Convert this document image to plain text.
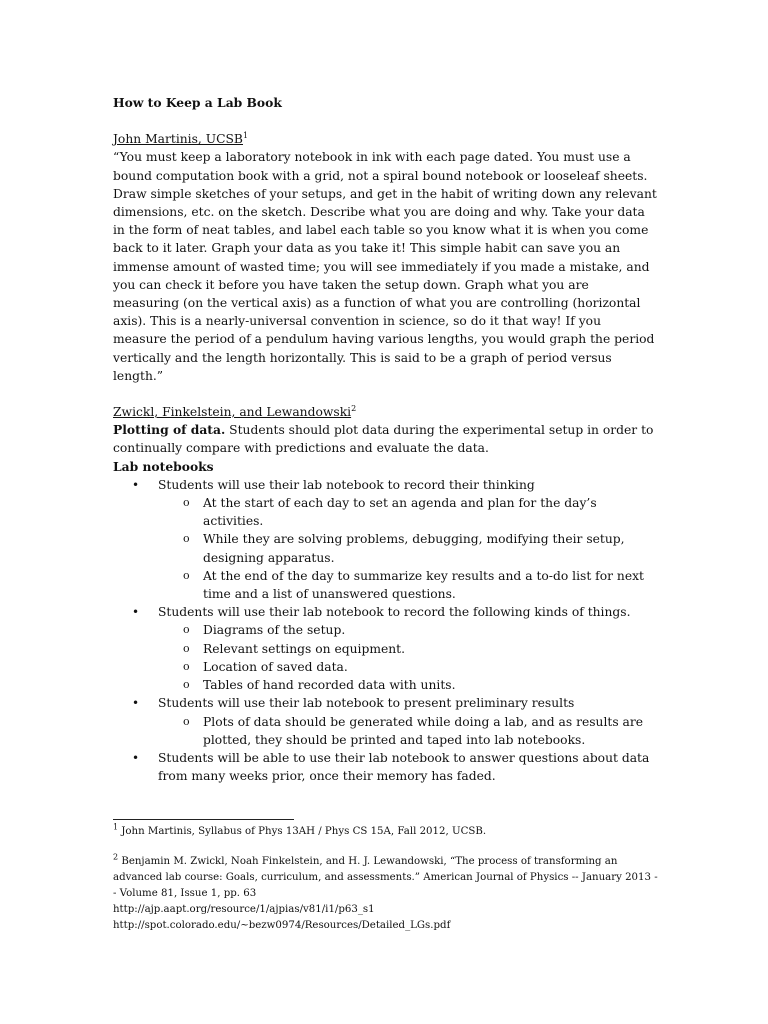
How to Keep a Lab Book
John Martinis, UCSB$^1$

“You must keep a laboratory notebook in ink with each page dated. You must use a bound computation book with a grid, not a spiral bound notebook or looseleaf sheets. Draw simple sketches of your setups, and get in the habit of writing down any relevant dimensions, etc. on the sketch. Describe what you are doing and why. Take your data in the form of neat tables, and label each table so you know what it is when you come back to it later. Graph your data as you take it! This simple habit can save you an immense amount of wasted time; you will see immediately if you made a mistake, and you can check it before you have taken the setup down. Graph what you are measuring (on the vertical axis) as a function of what you are controlling (horizontal axis). This is a nearly-universal convention in science, so do it that way! If you measure the period of a pendulum having various lengths, you would graph the period vertically and the length horizontally. This is said to be a graph of period versus length.”

Zwickl, Finkelstein, and Lewandowski$^2$

Plotting of data. Students should plot data during the experimental setup in order to continually compare with predictions and evaluate the data.

Lab notebooks
• Students will use their lab notebook to record their thinking
o At the start of each day to set an agenda and plan for the day’s activities.
o While they are solving problems, debugging, modifying their setup, designing apparatus.
o At the end of the day to summarize key results and a to-do list for next time and a list of unanswered questions.
• Students will use their lab notebook to record the following kinds of things.
o Diagrams of the setup.
o Relevant settings on equipment.
o Location of saved data.
o Tables of hand recorded data with units.
• Students will use their lab notebook to present preliminary results
o Plots of data should be generated while doing a lab, and as results are plotted, they should be printed and taped into lab notebooks.
• Students will be able to use their lab notebook to answer questions about data from many weeks prior, once their memory has faded.

$^1$ John Martinis, Syllabus of Phys 13AH / Phys CS 15A, Fall 2012, UCSB.

$^2$ Benjamin M. Zwickl, Noah Finkelstein, and H. J. Lewandowski, “The process of transforming an advanced lab course: Goals, curriculum, and assessments.” American Journal of Physics -- January 2013 -- Volume 81, Issue 1, pp. 63

http://ajp.aapt.org/resource/1/ajpias/v81/i1/p63_s1
http://spot.colorado.edu/~bezw0974/Resources/Detailed_LGs.pdf
